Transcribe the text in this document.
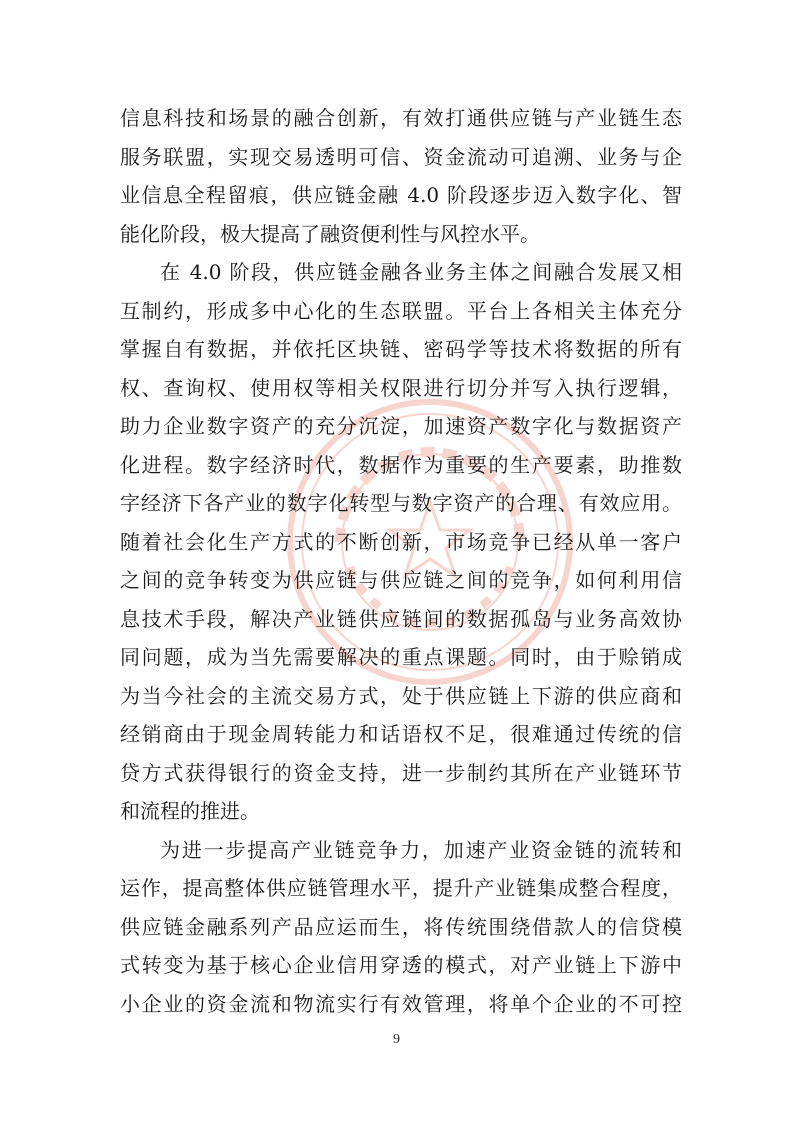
信息科技和场景的融合创新，有效打通供应链与产业链生态
服务联盟，实现交易透明可信、资金流动可追溯、业务与企
业信息全程留痕，供应链金融 4.0 阶段逐步迈入数字化、智
能化阶段，极大提高了融资便利性与风控水平。
在 4.0 阶段，供应链金融各业务主体之间融合发展又相
互制约，形成多中心化的生态联盟。平台上各相关主体充分
掌握自有数据，并依托区块链、密码学等技术将数据的所有
权、查询权、使用权等相关权限进行切分并写入执行逻辑，
助力企业数字资产的充分沉淀，加速资产数字化与数据资产
化进程。数字经济时代，数据作为重要的生产要素，助推数
字经济下各产业的数字化转型与数字资产的合理、有效应用。
随着社会化生产方式的不断创新，市场竞争已经从单一客户
之间的竞争转变为供应链与供应链之间的竞争，如何利用信
息技术手段，解决产业链供应链间的数据孤岛与业务高效协
同问题，成为当先需要解决的重点课题。同时，由于赊销成
为当今社会的主流交易方式，处于供应链上下游的供应商和
经销商由于现金周转能力和话语权不足，很难通过传统的信
贷方式获得银行的资金支持，进一步制约其所在产业链环节
和流程的推进。
为进一步提高产业链竞争力，加速产业资金链的流转和
运作，提高整体供应链管理水平，提升产业链集成整合程度，
供应链金融系列产品应运而生，将传统围绕借款人的信贷模
式转变为基于核心企业信用穿透的模式，对产业链上下游中
小企业的资金流和物流实行有效管理，将单个企业的不可控
9
